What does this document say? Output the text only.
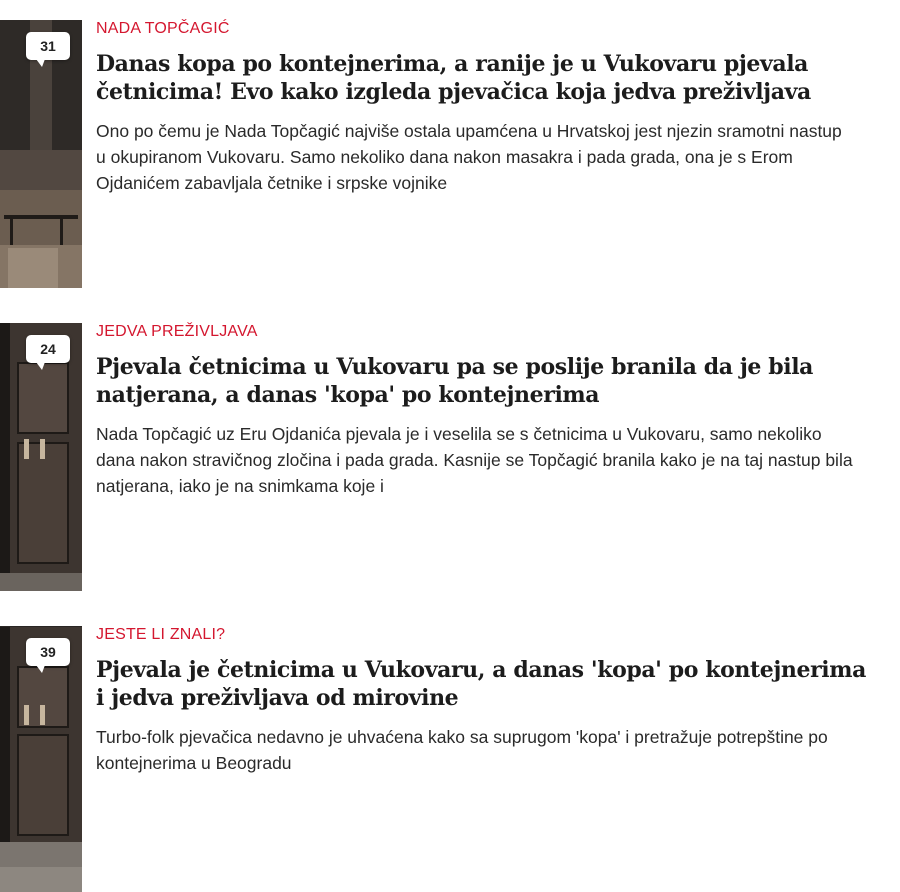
31
NADA TOPČAGIĆ
Danas kopa po kontejnerima, a ranije je u Vukovaru pjevala četnicima! Evo kako izgleda pjevačica koja jedva preživljava

Ono po čemu je Nada Topčagić najviše ostala upamćena u Hrvatskoj jest njezin sramotni nastup u okupiranom Vukovaru. Samo nekoliko dana nakon masakra i pada grada, ona je s Erom Ojdanićem zabavljala četnike i srpske vojnike

24
JEDVA PREŽIVLJAVA
Pjevala četnicima u Vukovaru pa se poslije branila da je bila natjerana, a danas 'kopa' po kontejnerima

Nada Topčagić uz Eru Ojdanića pjevala je i veselila se s četnicima u Vukovaru, samo nekoliko dana nakon stravičnog zločina i pada grada. Kasnije se Topčagić branila kako je na taj nastup bila natjerana, iako je na snimkama koje i

39
JESTE LI ZNALI?
Pjevala je četnicima u Vukovaru, a danas 'kopa' po kontejnerima i jedva preživljava od mirovine

Turbo-folk pjevačica nedavno je uhvaćena kako sa suprugom 'kopa' i pretražuje potrepštine po kontejnerima u Beogradu
